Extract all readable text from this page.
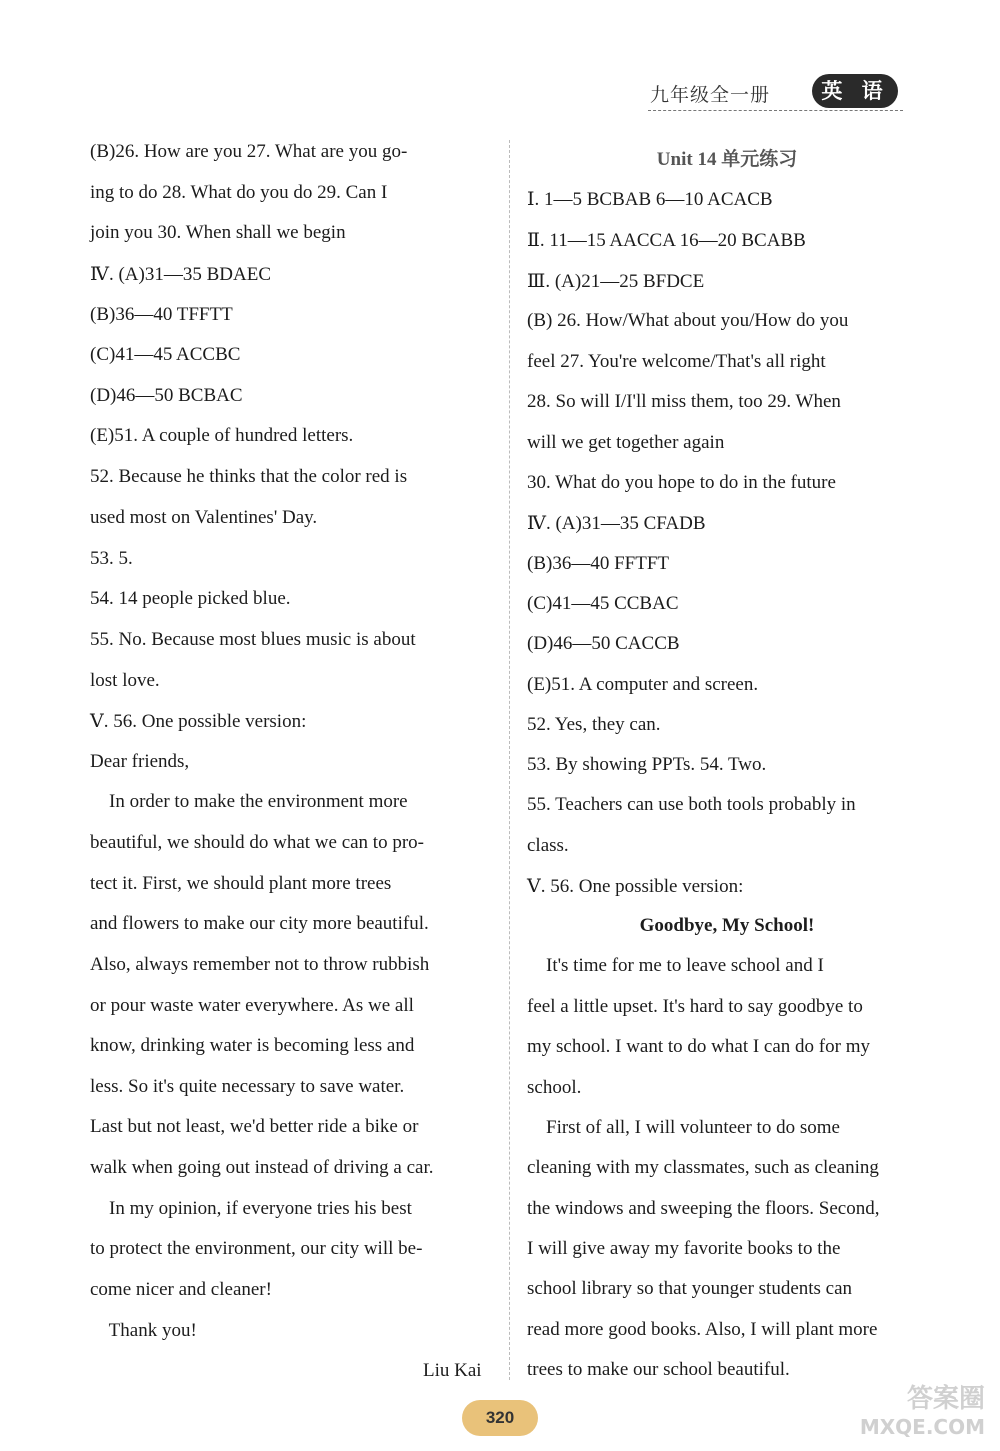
九年级全一册	英 语
(B)26. How are you 27. What are you go-
ing to do 28. What do you do 29. Can I
join you 30. When shall we begin
Ⅳ. (A)31—35 BDAEC
(B)36—40 TFFTT
(C)41—45 ACCBC
(D)46—50 BCBAC
(E)51. A couple of hundred letters.
52. Because he thinks that the color red is
used most on Valentines' Day.
53. 5.
54. 14 people picked blue.
55. No. Because most blues music is about
lost love.
Ⅴ. 56. One possible version:
Dear friends,
In order to make the environment more
beautiful, we should do what we can to pro-
tect it. First, we should plant more trees
and flowers to make our city more beautiful.
Also, always remember not to throw rubbish
or pour waste water everywhere. As we all
know, drinking water is becoming less and
less. So it's quite necessary to save water.
Last but not least, we'd better ride a bike or
walk when going out instead of driving a car.
In my opinion, if everyone tries his best
to protect the environment, our city will be-
come nicer and cleaner!
Thank you!
Liu Kai
Unit 14 单元练习
Ⅰ. 1—5 BCBAB 6—10 ACACB
Ⅱ. 11—15 AACCA 16—20 BCABB
Ⅲ. (A)21—25 BFDCE
(B) 26. How/What about you/How do you
feel 27. You're welcome/That's all right
28. So will I/I'll miss them, too 29. When
will we get together again
30. What do you hope to do in the future
Ⅳ. (A)31—35 CFADB
(B)36—40 FFTFT
(C)41—45 CCBAC
(D)46—50 CACCB
(E)51. A computer and screen.
52. Yes, they can.
53. By showing PPTs. 54. Two.
55. Teachers can use both tools probably in
class.
Ⅴ. 56. One possible version:
Goodbye, My School!
It's time for me to leave school and I
feel a little upset. It's hard to say goodbye to
my school. I want to do what I can do for my
school.
First of all, I will volunteer to do some
cleaning with my classmates, such as cleaning
the windows and sweeping the floors. Second,
I will give away my favorite books to the
school library so that younger students can
read more good books. Also, I will plant more
trees to make our school beautiful.
320
答案圈
MXQE.COM
